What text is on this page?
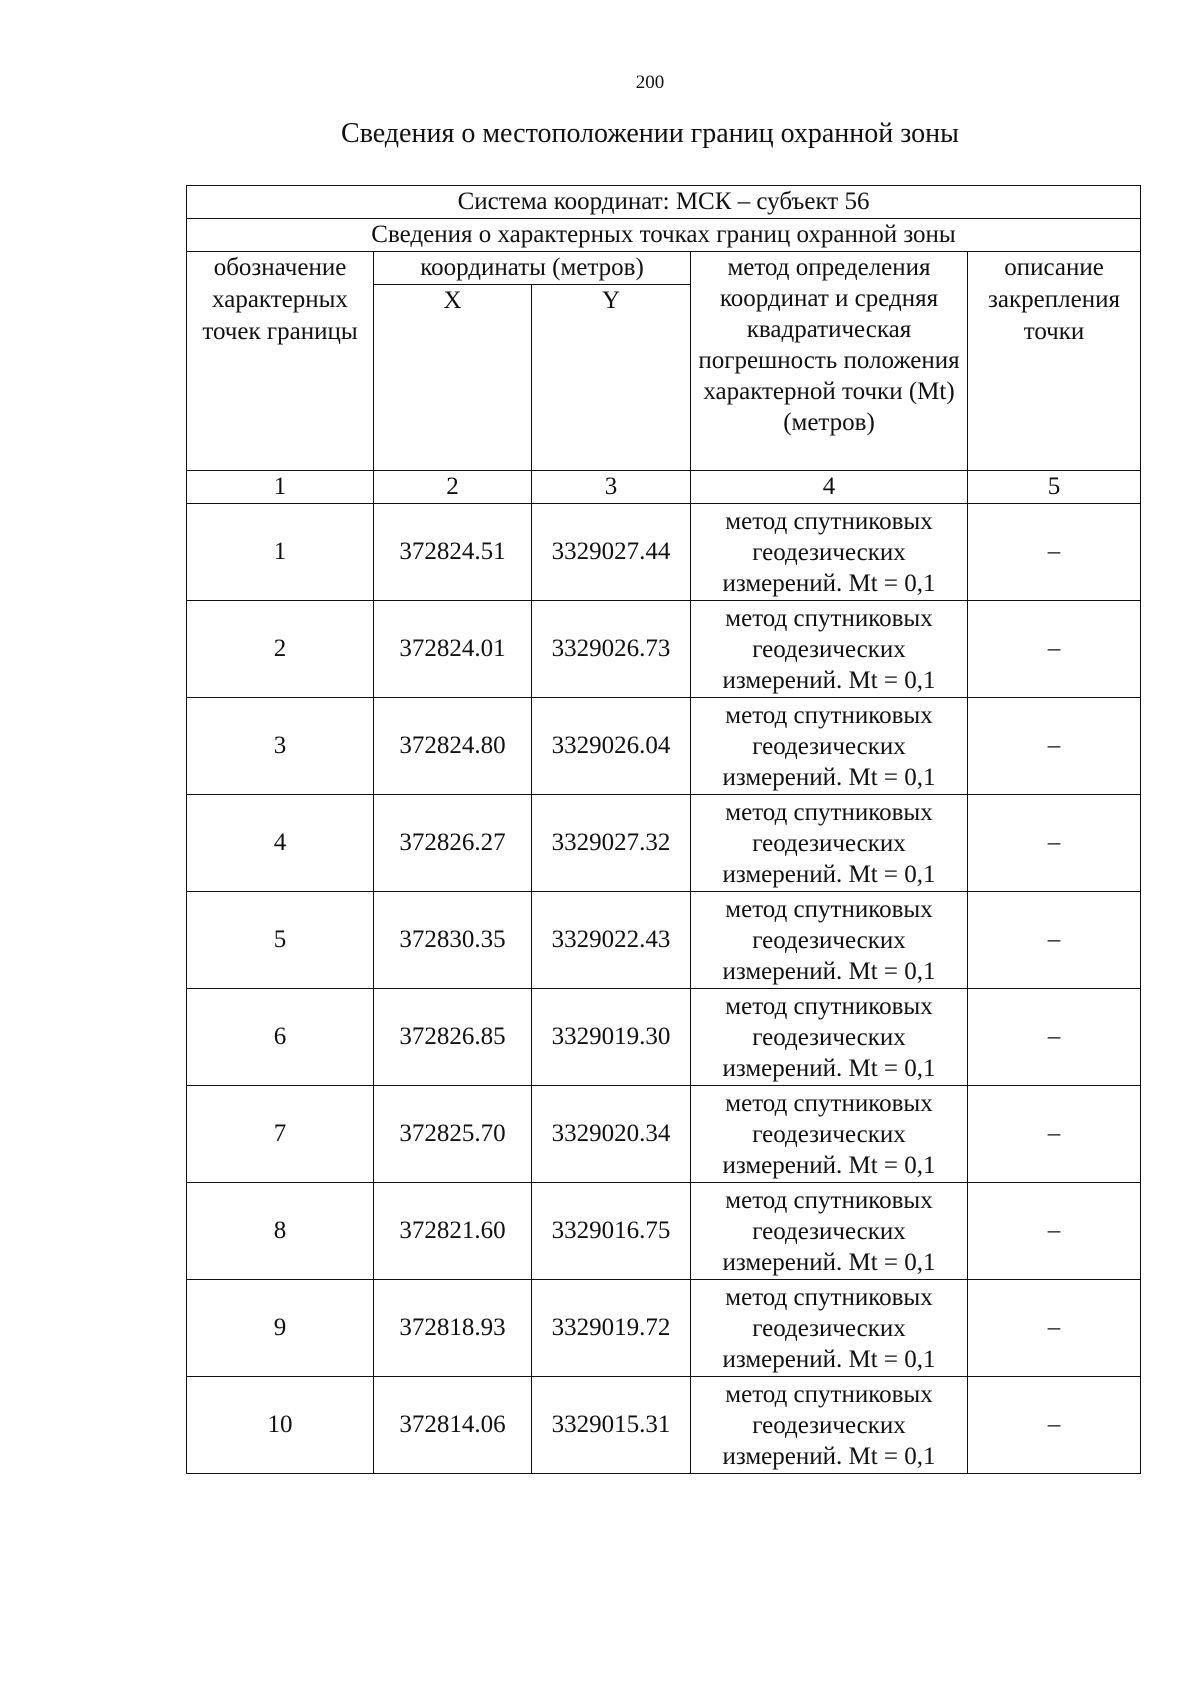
200
Сведения о местоположении границ охранной зоны
Система координат: МСК – субъект 56				
Сведения о характерных точках границ охранной зоны				
обозначение характерных точек границы	координаты (метров)		метод определения координат и средняя квадратическая погрешность положения характерной точки (Mt) (метров)	описание закрепления точки
	X	Y		
1	2	3	4	5
1	372824.51	3329027.44	метод спутниковых геодезических измерений. Mt = 0,1	–
2	372824.01	3329026.73	метод спутниковых геодезических измерений. Mt = 0,1	–
3	372824.80	3329026.04	метод спутниковых геодезических измерений. Mt = 0,1	–
4	372826.27	3329027.32	метод спутниковых геодезических измерений. Mt = 0,1	–
5	372830.35	3329022.43	метод спутниковых геодезических измерений. Mt = 0,1	–
6	372826.85	3329019.30	метод спутниковых геодезических измерений. Mt = 0,1	–
7	372825.70	3329020.34	метод спутниковых геодезических измерений. Mt = 0,1	–
8	372821.60	3329016.75	метод спутниковых геодезических измерений. Mt = 0,1	–
9	372818.93	3329019.72	метод спутниковых геодезических измерений. Mt = 0,1	–
10	372814.06	3329015.31	метод спутниковых геодезических измерений. Mt = 0,1	–
